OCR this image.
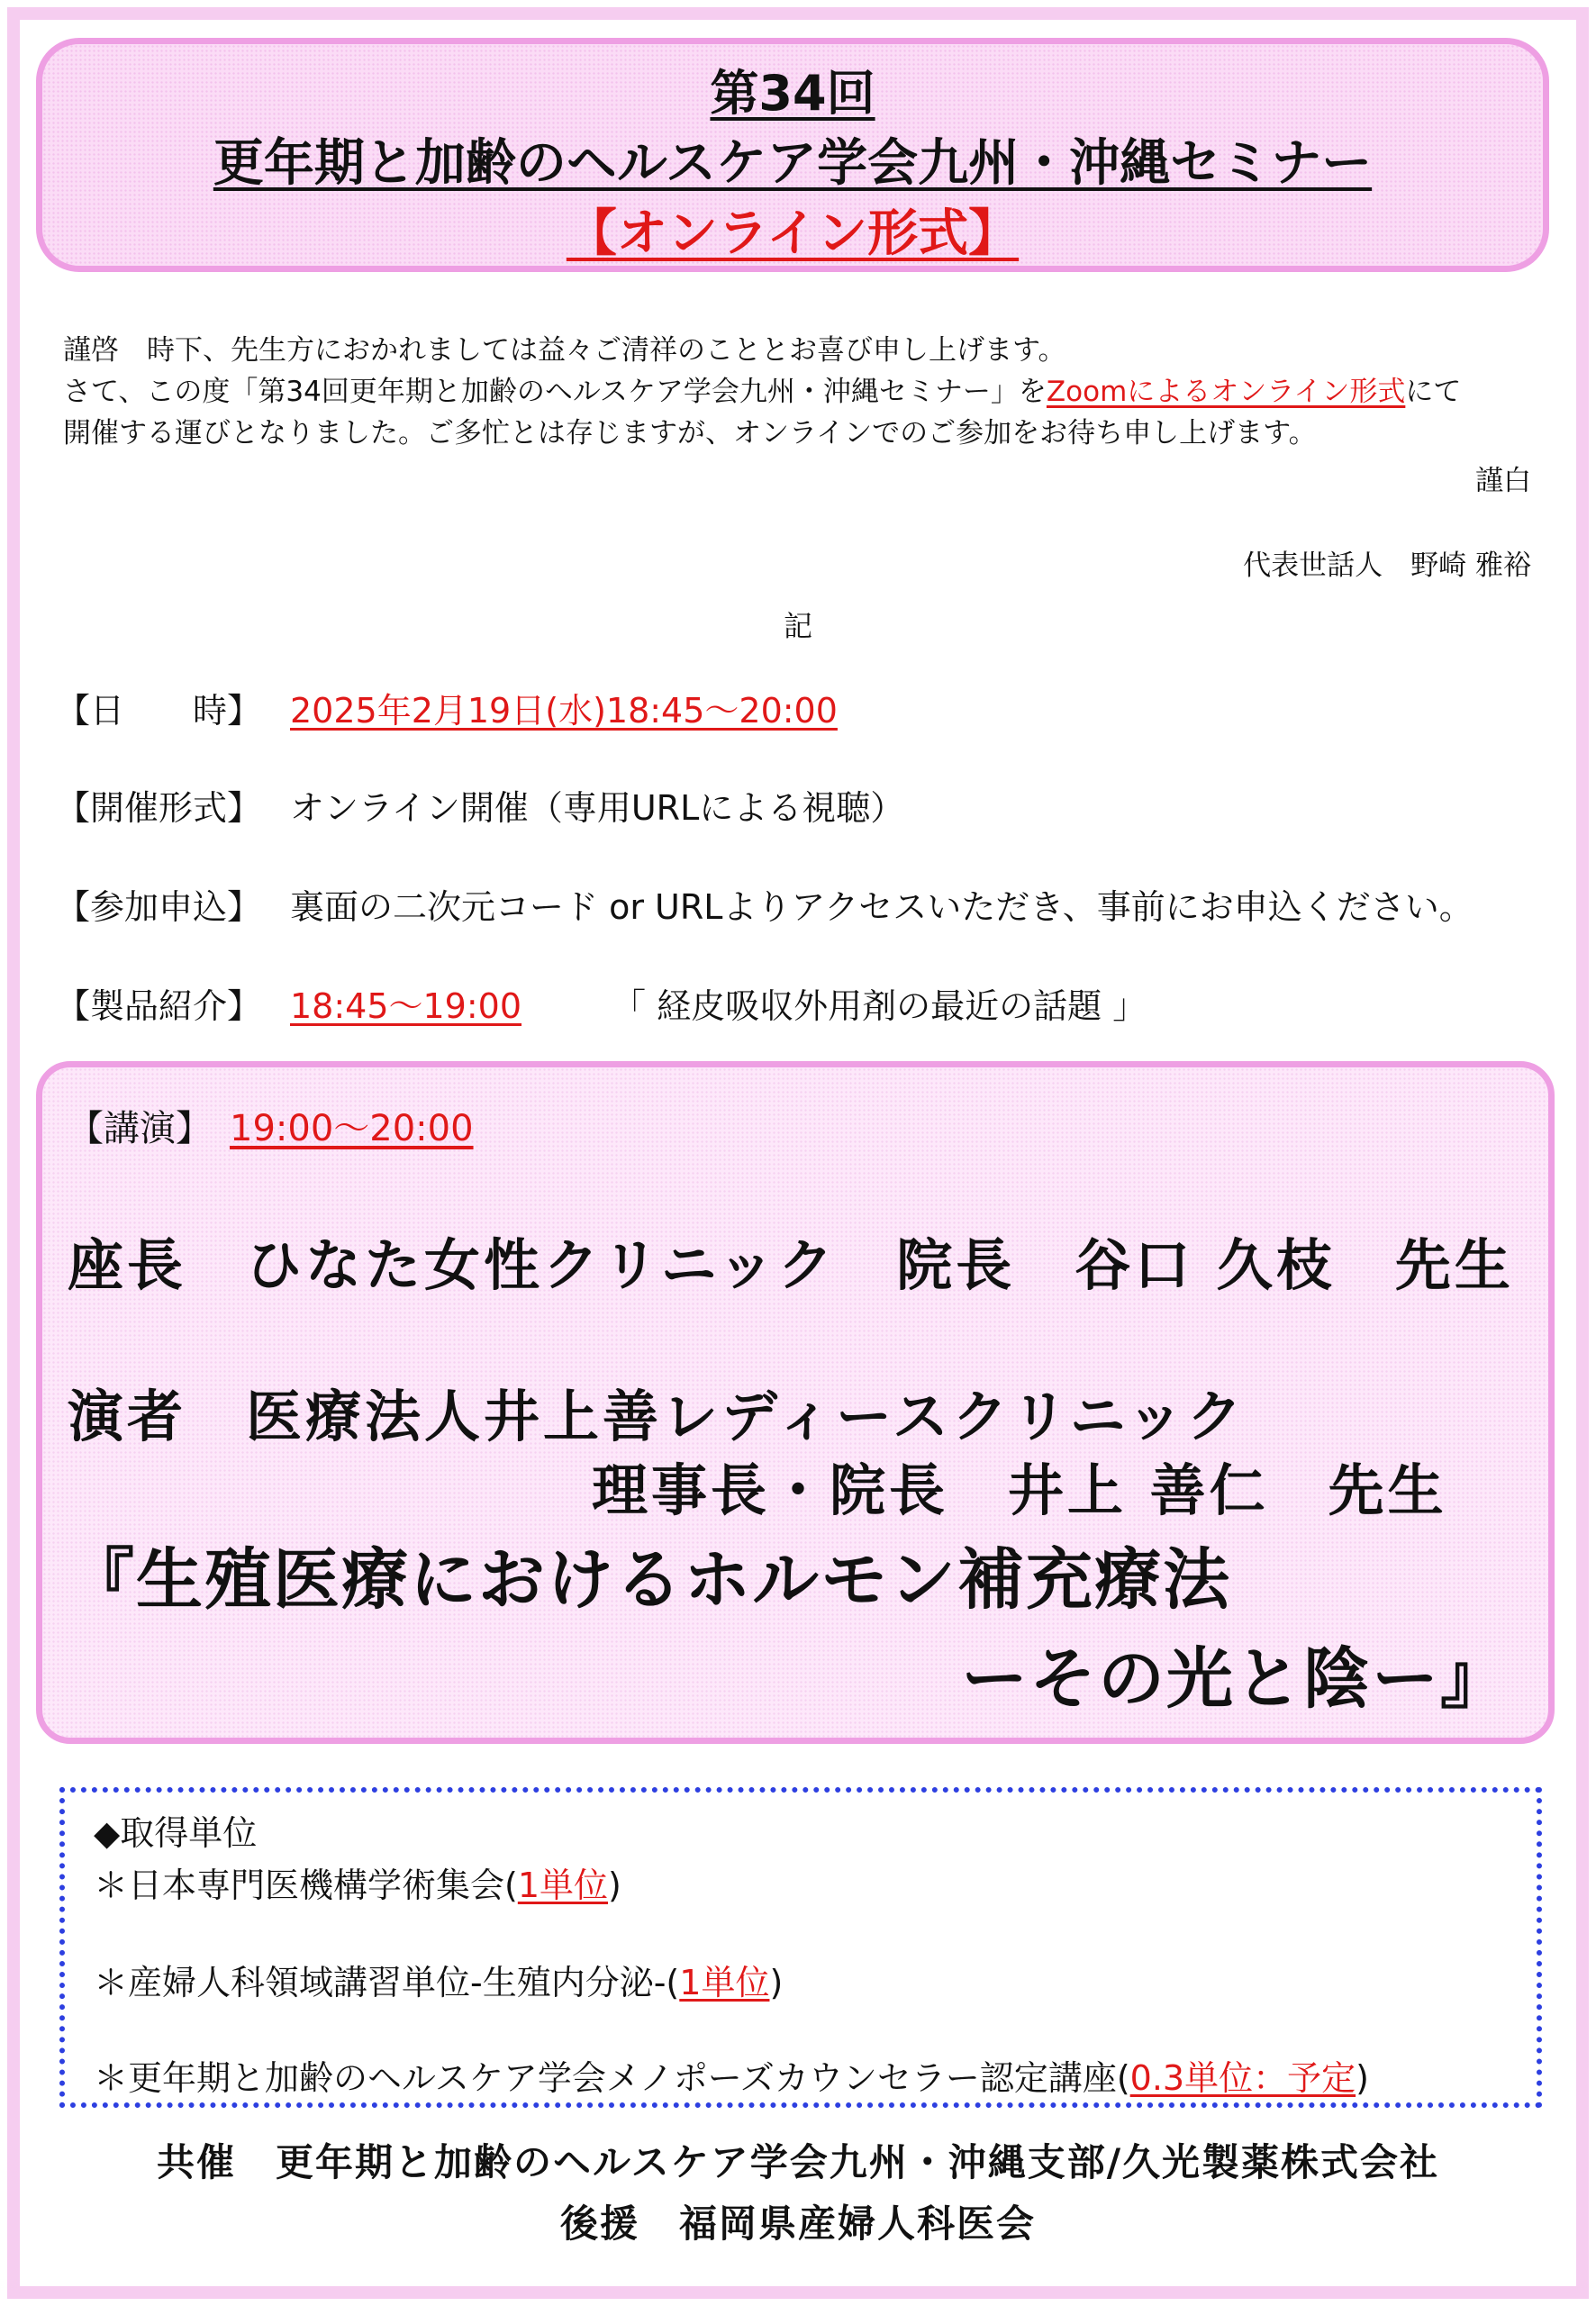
第34回
更年期と加齢のヘルスケア学会九州・沖縄セミナー
【オンライン形式】
謹啓　時下、先生方におかれましては益々ご清祥のこととお喜び申し上げます。
さて、この度「第34回更年期と加齢のヘルスケア学会九州・沖縄セミナー」をZoomによるオンライン形式にて
開催する運びとなりました。ご多忙とは存じますが、オンラインでのご参加をお待ち申し上げます。
謹白
代表世話人　野崎 雅裕
記
【日　　時】 2025年2月19日(水)18:45～20:00
【開催形式】 オンライン開催（専用URLによる視聴）
【参加申込】 裏面の二次元コード or URLよりアクセスいただき、事前にお申込ください。
【製品紹介】 18:45～19:00	「 経皮吸収外用剤の最近の話題 」
【講演】 19:00～20:00
座長　ひなた女性クリニック　院長　谷口 久枝　先生
演者　医療法人井上善レディースクリニック
理事長・院長　井上 善仁　先生
『生殖医療におけるホルモン補充療法
ーその光と陰ー』
◆取得単位
＊日本専門医機構学術集会(1単位)
＊産婦人科領域講習単位-生殖内分泌-(1単位)
＊更年期と加齢のヘルスケア学会メノポーズカウンセラー認定講座(0.3単位：予定)
共催　更年期と加齢のヘルスケア学会九州・沖縄支部/久光製薬株式会社
後援　福岡県産婦人科医会
